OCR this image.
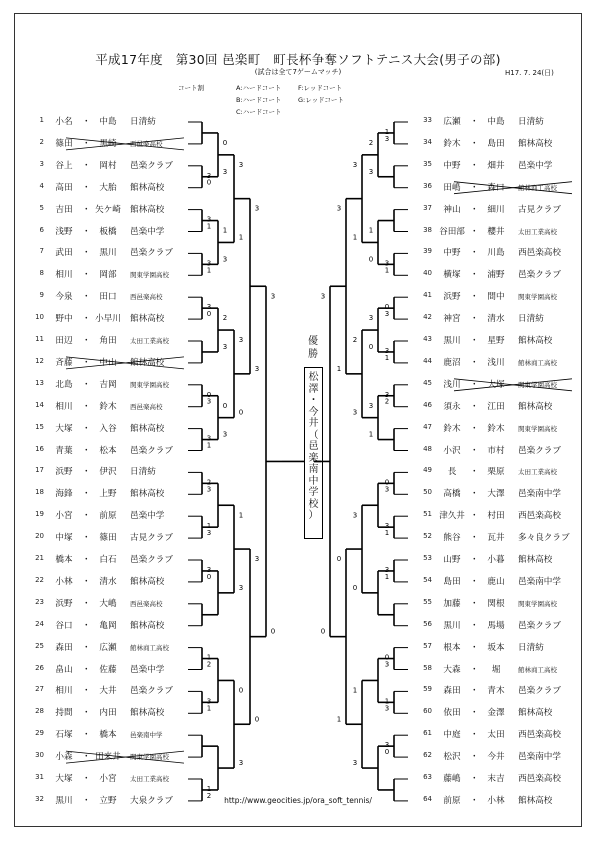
平成17年度　第30回 邑楽町　町長杯争奪ソフトテニス大会(男子の部)
(試合は全て7ゲームマッチ)	H17. 7. 24(日)
コート割	A:ハードコート	F:レッドコート
B:ハードコート	G:レッドコート
C:ハードコート
1	小名	中島	日清紡
・
2	篠田	黒崎	西邑楽高校
・
3	谷上	岡村	邑楽クラブ
・
4	高田	大胎	館林高校
・
5	吉田	矢ケ崎	館林高校
・
6	浅野	板橋	邑楽中学
・
7	武田	黒川	邑楽クラブ
・
8	相川	岡部	関東学園高校
・
9	今泉	田口	西邑楽高校
・
10	野中	小早川	館林高校
・
11	田辺	角田	太田工業高校
・
12	斉藤	中山	館林高校
・
13	北島	吉岡	関東学園高校
・
14	相川	鈴木	西邑楽高校
・
15	大塚	入谷	館林高校
・
16	青葉	松本	邑楽クラブ
・
17	浜野	伊沢	日清紡
・
18	海鋒	上野	館林高校
・
19	小宮	前原	邑楽中学
・
20	中塚	篠田	古見クラブ
・
21	橋本	白石	邑楽クラブ
・
22	小林	清水	館林高校
・
23	浜野	大嶋	西邑楽高校
・
24	谷口	亀岡	館林高校
・
25	森田	広瀬	館林商工高校
・
26	畠山	佐藤	邑楽中学
・
27	相川	大井	邑楽クラブ
・
28	持間	内田	館林高校
・
29	石塚	橋本	邑楽南中学
・
30	小森	田来井	関東学園高校
・
31	大塚	小宮	太田工業高校
・
32	黒川	立野	大泉クラブ
・
33	広瀬	中島	日清紡
・
34	鈴木	島田	館林高校
・
35	中野	畑井	邑楽中学
・
36	田嶋	森口	館林商工高校
・
37	神山	細川	古見クラブ
・
38 谷田部	櫻井	太田工業高校
・
39	中野	川島	西邑楽高校
・
40	横塚	浦野	邑楽クラブ
・
41	浜野	間中	関東学園高校
・
42	神宮	清水	日清紡
・
43	黒川	星野	館林高校
・
44	鹿沼	浅川	館林商工高校
・
45	浅川	大塚	関東学園高校
・
46	須永	江田	館林高校
・
47	鈴木	鈴木	関東学園高校
・
48	小沢	市村	邑楽クラブ
・
49	長	栗原	太田工業高校
・
50	高橋	大澤	邑楽南中学
・
51 津久井	村田	西邑楽高校
・
52	熊谷	瓦井	多々良クラブ
・
53	山野	小暮	館林高校
・
54	島田	鹿山	邑楽南中学
・
55	加藤	関根	関東学園高校
・
56	黒川	馬場	邑楽クラブ
・
57	根本	坂本	日清紡
・
58	大森	堀	館林商工高校
・
59	森田	青木	邑楽クラブ
・
60	依田	金澤	館林高校
・
61	中庭	太田	西邑楽高校
・
62	松沢	今井	邑楽南中学
・
63	藤嶋	末吉	西邑楽高校
・
64	前原	小林	館林高校
・
3
0
3
1
3
1
3
0
0
3
3
1
2
3
1
3
3
0
1
2
3
1
1
2
0
3
1
3
2
3
0
3
3
1
3
0
1
3
0
3
3
3
3
0
3
0
1
3
3
1
0
3
3
1
3
2
0
3
3
1
3
1
0
3
1
3
3
0
2
3
1
0
3
0
3
1
3
1
2
3
3
0
1
3
3
1
0
1
3
0
優勝
松
澤
・
今
井
（
邑
楽
南
中
学
校
）
http://www.geocities.jp/ora_soft_tennis/
